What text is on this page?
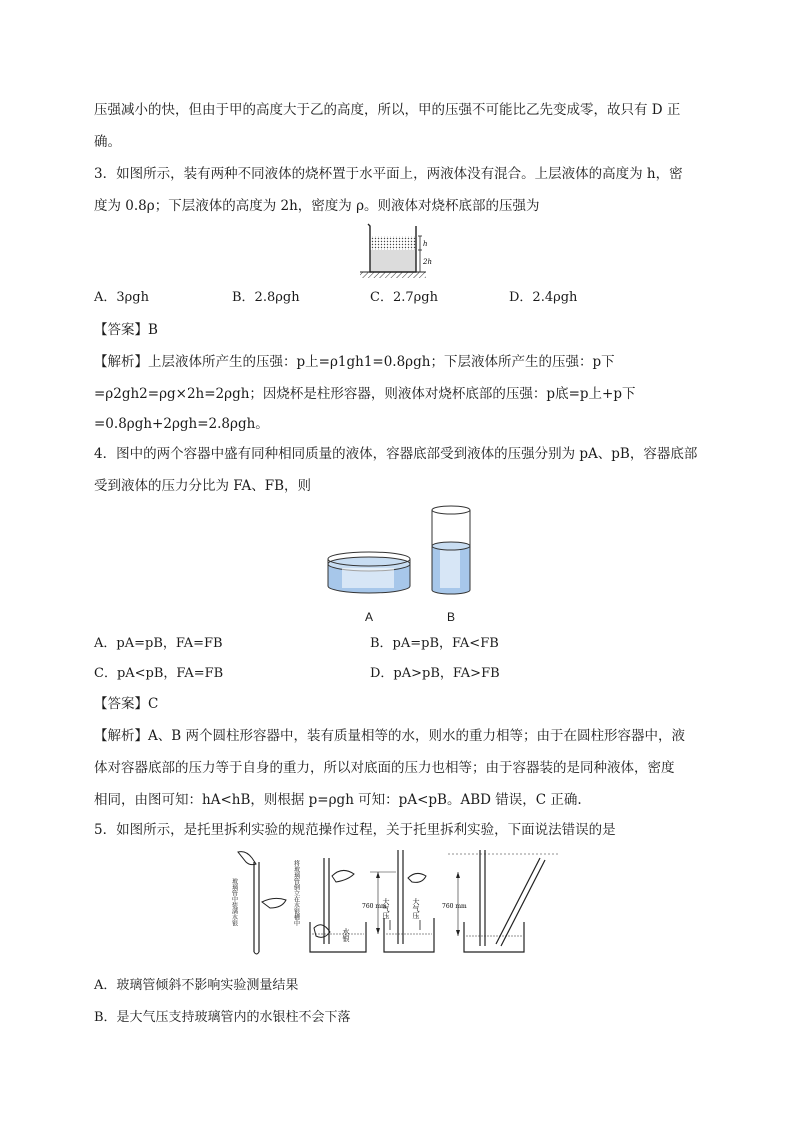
压强减小的快，但由于甲的高度大于乙的高度，所以，甲的压强不可能比乙先变成零，故只有 D 正
确。
3．如图所示，装有两种不同液体的烧杯置于水平面上，两液体没有混合。上层液体的高度为 h，密
度为 0.8ρ；下层液体的高度为 2h，密度为 ρ。则液体对烧杯底部的压强为
h
2h
A．3ρgh	B．2.8ρgh	C．2.7ρgh	D．2.4ρgh
【答案】B
【解析】上层液体所产生的压强：p上=ρ1gh1=0.8ρgh；下层液体所产生的压强：p下
=ρ2gh2=ρg×2h=2ρgh；因烧杯是柱形容器，则液体对烧杯底部的压强：p底=p上+p下
=0.8ρgh+2ρgh=2.8ρgh。
4．图中的两个容器中盛有同种相同质量的液体，容器底部受到液体的压强分别为 pA、pB，容器底部
受到液体的压力分比为 FA、FB，则
A	B
A．pA=pB，FA=FB	B．pA=pB，FA<FB
C．pA<pB，FA=FB	D．pA>pB，FA>FB
【答案】C
【解析】A、B 两个圆柱形容器中，装有质量相等的水，则水的重力相等；由于在圆柱形容器中，液
体对容器底部的压力等于自身的重力，所以对底面的压力也相等；由于容器装的是同种液体，密度
相同，由图可知：hA<hB，则根据 p=ρgh 可知：pA<pB。ABD 错误，C 正确.
5．如图所示，是托里拆利实验的规范操作过程，关于托里拆利实验，下面说法错误的是
玻璃管中装满水银	将玻璃管倒立在水银槽中
水银
760 mm
大气压	大气压	760 mm
A．玻璃管倾斜不影响实验测量结果
B．是大气压支持玻璃管内的水银柱不会下落
